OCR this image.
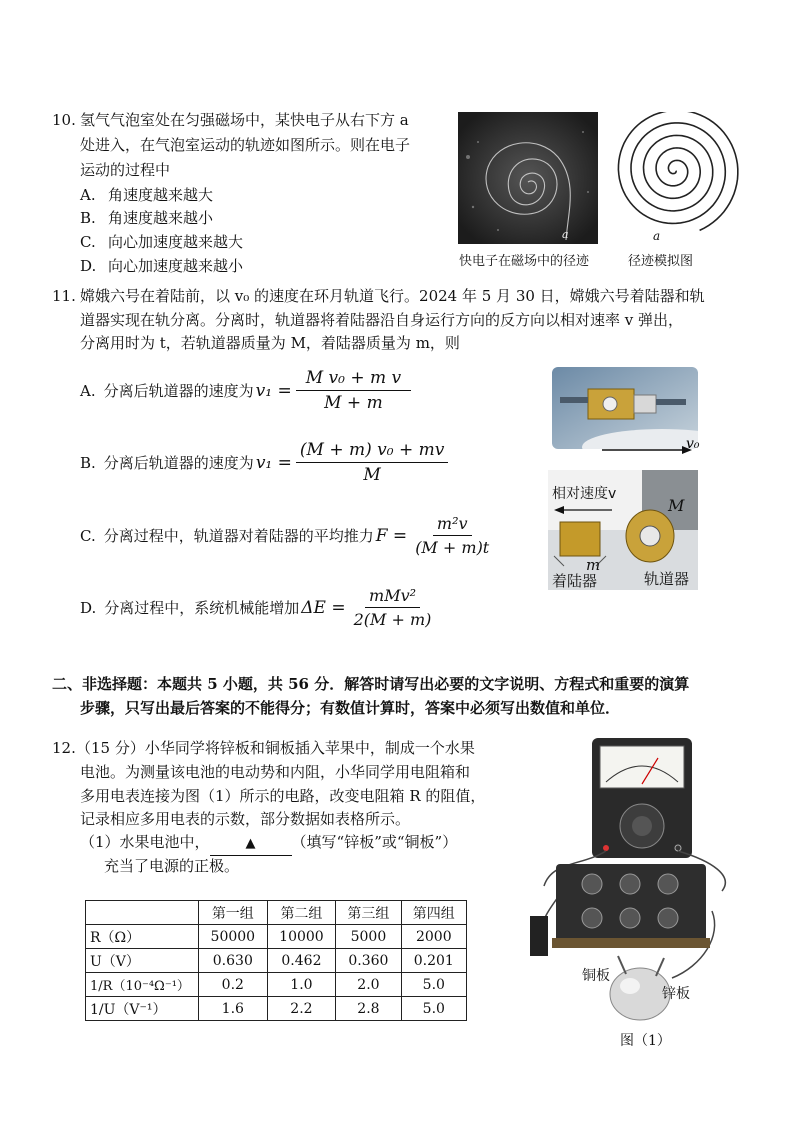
10. 氢气气泡室处在匀强磁场中，某快电子从右下方 a
处进入，在气泡室运动的轨迹如图所示。则在电子
运动的过程中
A. 角速度越来越大
B. 角速度越来越小
C. 向心加速度越来越大
D. 向心加速度越来越小
a	a
快电子在磁场中的径迹	径迹模拟图
11. 嫦娥六号在着陆前，以 v₀ 的速度在环月轨道飞行。2024 年 5 月 30 日，嫦娥六号着陆器和轨
道器实现在轨分离。分离时，轨道器将着陆器沿自身运行方向的反方向以相对速率 v 弹出，
分离用时为 t，若轨道器质量为 M，着陆器质量为 m，则
A. 分离后轨道器的速度为 $v_1 = \frac{\text{M v₀ + m v}}{M + m}$
B. 分离后轨道器的速度为 $v_1 = \frac{\text{(M + m) v₀ + mv}}{M}$
C. 分离过程中，轨道器对着陆器的平均推力 $F = \frac{\text{m²v}}{(M + m)t}$
D. 分离过程中，系统机械能增加 $\Delta E = \frac{\text{mMv²}}{2(M + m)}$
v₀
相对速度v
M
m
着陆器	轨道器
二、非选择题：本题共 5 小题，共 56 分．解答时请写出必要的文字说明、方程式和重要的演算
步骤，只写出最后答案的不能得分；有数值计算时，答案中必须写出数值和单位．
12. （15 分）小华同学将锌板和铜板插入苹果中，制成一个水果
电池。为测量该电池的电动势和内阻，小华同学用电阻箱和
多用电表连接为图（1）所示的电路，改变电阻箱 R 的阻值，
记录相应多用电表的示数，部分数据如表格所示。
（1）水果电池中，	▲	（填写“锌板”或“铜板”）
充当了电源的正极。
	第一组	第二组	第三组	第四组
R（Ω）	50000	10000	5000	2000
U（V）	0.630	0.462	0.360	0.201
1/R（10⁻⁴Ω⁻¹）	0.2	1.0	2.0	5.0
1/U（V⁻¹）	1.6	2.2	2.8	5.0
铜板
锌板
图（1）
